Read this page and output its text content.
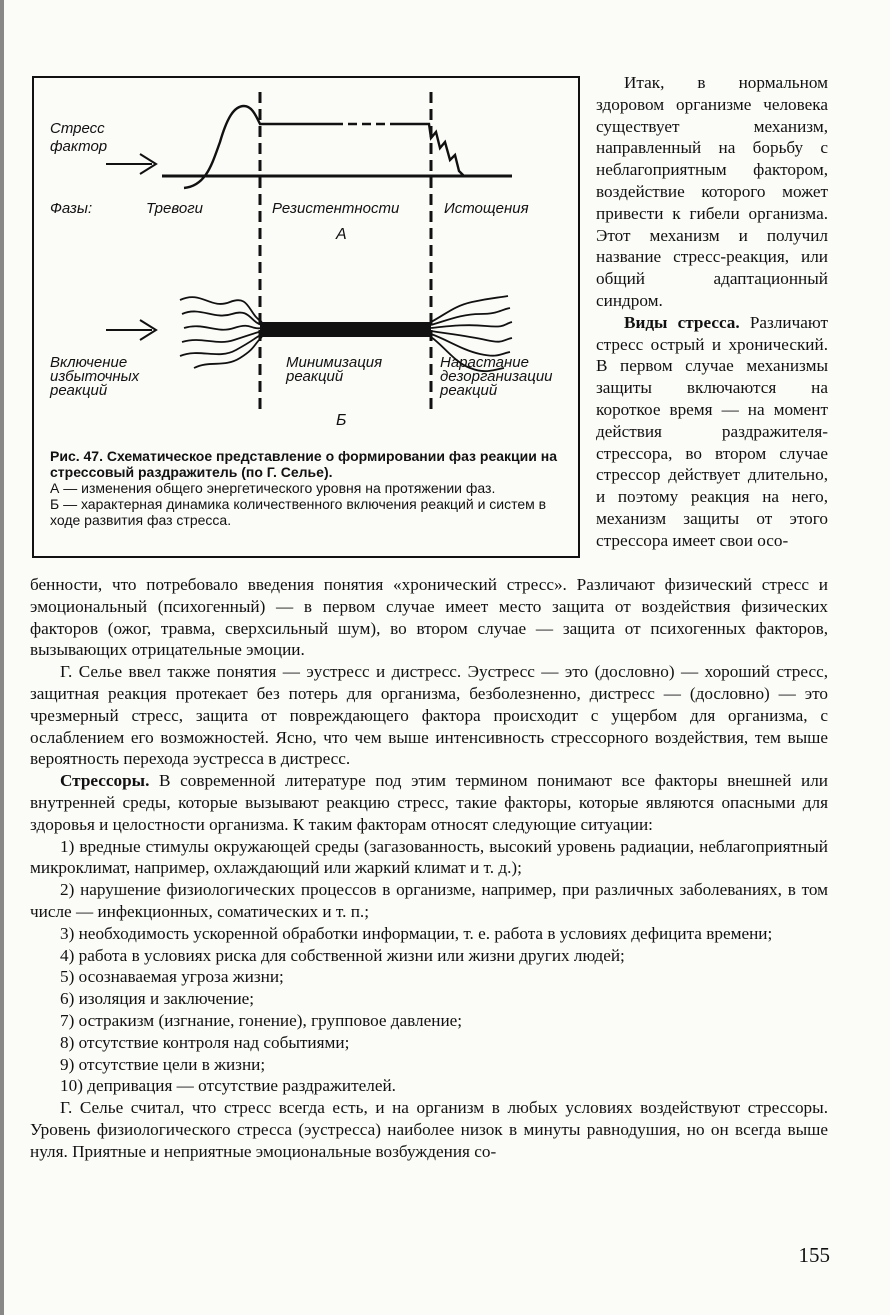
Стресс фактор
Фазы:	Тревоги	Резистентности	Истощения
А
Включение избыточных реакций
Минимизация реакций
Нарастание дезорганизации реакций
Б

Рис. 47. Схематическое представление о формировании фаз реакции на стрессовый раздражитель (по Г. Селье).

А — изменения общего энергетического уровня на протяжении фаз.

Б — характерная динамика количественного включения реакций и систем в ходе развития фаз стресса.

Итак, в нормальном здоровом организме человека существует механизм, направленный на борьбу с неблагоприятным фактором, воздействие которого может привести к гибели организма. Этот механизм и получил название стресс-реакция, или общий адаптационный синдром.

Виды стресса. Различают стресс острый и хронический. В первом случае механизмы защиты включаются на короткое время — на момент действия раздражителя-стрессора, во втором случае стрессор действует длительно, и поэтому реакция на него, механизм защиты от этого стрессора имеет свои осо-

бенности, что потребовало введения понятия «хронический стресс». Различают физический стресс и эмоциональный (психогенный) — в первом случае имеет место защита от воздействия физических факторов (ожог, травма, сверхсильный шум), во втором случае — защита от психогенных факторов, вызывающих отрицательные эмоции.

Г. Селье ввел также понятия — эустресс и дистресс. Эустресс — это (дословно) — хороший стресс, защитная реакция протекает без потерь для организма, безболезненно, дистресс — (дословно) — это чрезмерный стресс, защита от повреждающего фактора происходит с ущербом для организма, с ослаблением его возможностей. Ясно, что чем выше интенсивность стрессорного воздействия, тем выше вероятность перехода эустресса в дистресс.

Стрессоры. В современной литературе под этим термином понимают все факторы внешней или внутренней среды, которые вызывают реакцию стресс, такие факторы, которые являются опасными для здоровья и целостности организма. К таким факторам относят следующие ситуации:

1) вредные стимулы окружающей среды (загазованность, высокий уровень радиации, неблагоприятный микроклимат, например, охлаждающий или жаркий климат и т. д.);

2) нарушение физиологических процессов в организме, например, при различных заболеваниях, в том числе — инфекционных, соматических и т. п.;

3) необходимость ускоренной обработки информации, т. е. работа в условиях дефицита времени;

4) работа в условиях риска для собственной жизни или жизни других людей;

5) осознаваемая угроза жизни;

6) изоляция и заключение;

7) остракизм (изгнание, гонение), групповое давление;

8) отсутствие контроля над событиями;

9) отсутствие цели в жизни;

10) депривация — отсутствие раздражителей.

Г. Селье считал, что стресс всегда есть, и на организм в любых условиях воздействуют стрессоры. Уровень физиологического стресса (эустресса) наиболее низок в минуты равнодушия, но он всегда выше нуля. Приятные и неприятные эмоциональные возбуждения со-

155
